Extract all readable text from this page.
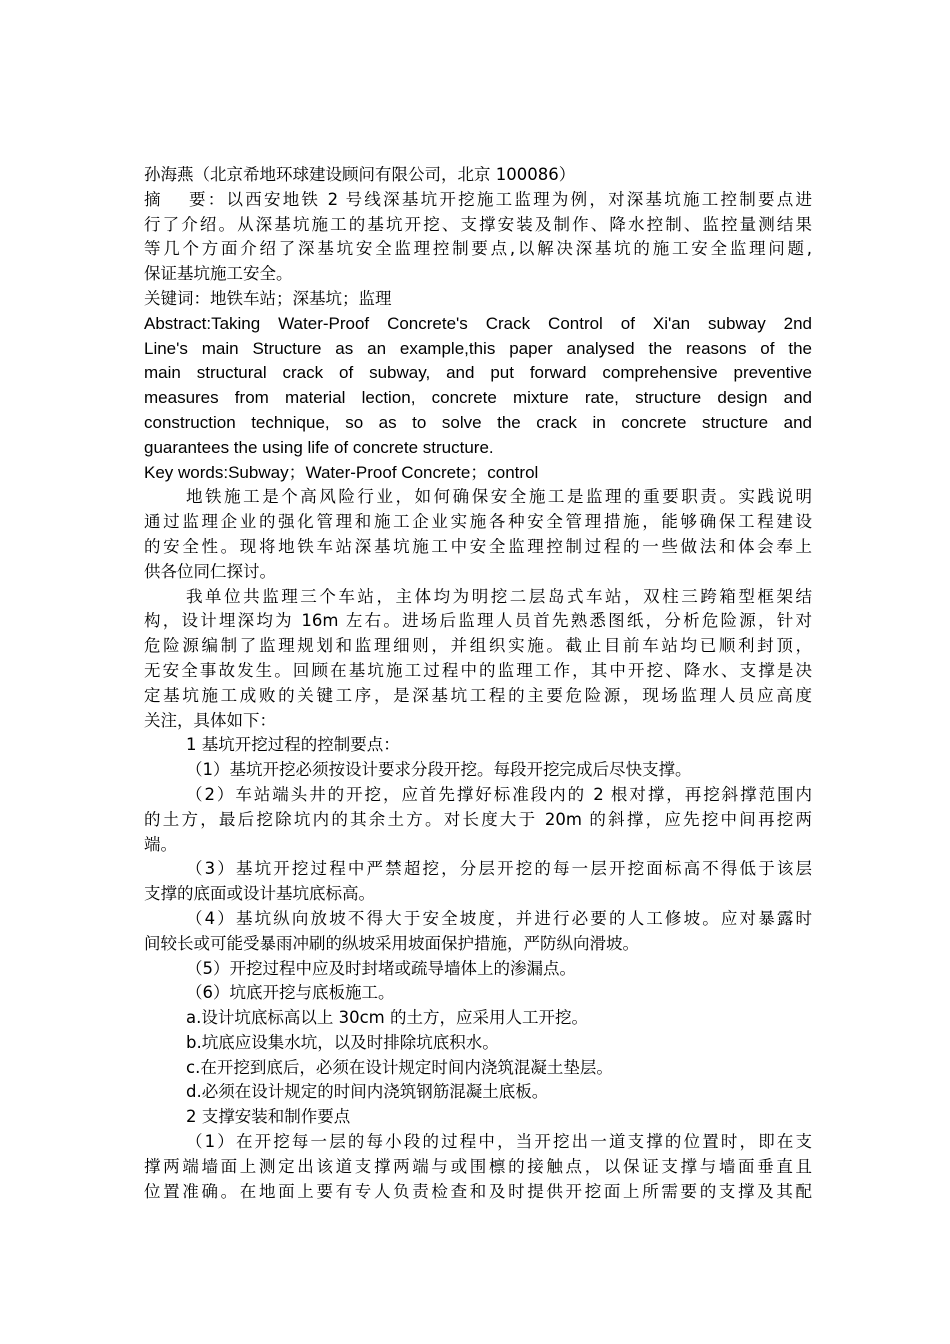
孙海燕（北京希地环球建设顾问有限公司，北京 100086）
摘　 要：以西安地铁 2 号线深基坑开挖施工监理为例，对深基坑施工控制要点进
行了介绍。从深基坑施工的基坑开挖、支撑安装及制作、降水控制、监控量测结果
等几个方面介绍了深基坑安全监理控制要点,以解决深基坑的施工安全监理问题,
保证基坑施工安全。
关键词：地铁车站；深基坑；监理
Abstract:Taking Water-Proof Concrete's Crack Control of Xi'an subway 2nd
Line's main Structure as an example,this paper analysed the reasons of the
main structural crack of subway, and put forward comprehensive preventive
measures from material lection, concrete mixture rate, structure design and
construction technique, so as to solve the crack in concrete structure and
guarantees the using life of concrete structure.
Key words:Subway；Water-Proof Concrete；control
地铁施工是个高风险行业，如何确保安全施工是监理的重要职责。实践说明
通过监理企业的强化管理和施工企业实施各种安全管理措施，能够确保工程建设
的安全性。现将地铁车站深基坑施工中安全监理控制过程的一些做法和体会奉上
供各位同仁探讨。
我单位共监理三个车站，主体均为明挖二层岛式车站，双柱三跨箱型框架结
构，设计埋深均为 16m 左右。进场后监理人员首先熟悉图纸，分析危险源，针对
危险源编制了监理规划和监理细则，并组织实施。截止目前车站均已顺利封顶，
无安全事故发生。回顾在基坑施工过程中的监理工作，其中开挖、降水、支撑是决
定基坑施工成败的关键工序，是深基坑工程的主要危险源，现场监理人员应高度
关注，具体如下：
1 基坑开挖过程的控制要点：
（1）基坑开挖必须按设计要求分段开挖。每段开挖完成后尽快支撑。
（2）车站端头井的开挖，应首先撑好标准段内的 2 根对撑，再挖斜撑范围内
的土方，最后挖除坑内的其余土方。对长度大于 20m 的斜撑，应先挖中间再挖两
端。
（3）基坑开挖过程中严禁超挖，分层开挖的每一层开挖面标高不得低于该层
支撑的底面或设计基坑底标高。
（4）基坑纵向放坡不得大于安全坡度，并进行必要的人工修坡。应对暴露时
间较长或可能受暴雨冲刷的纵坡采用坡面保护措施，严防纵向滑坡。
（5）开挖过程中应及时封堵或疏导墙体上的渗漏点。
（6）坑底开挖与底板施工。
a.设计坑底标高以上 30cm 的土方，应采用人工开挖。
b.坑底应设集水坑，以及时排除坑底积水。
c.在开挖到底后，必须在设计规定时间内浇筑混凝土垫层。
d.必须在设计规定的时间内浇筑钢筋混凝土底板。
2 支撑安装和制作要点
（1）在开挖每一层的每小段的过程中，当开挖出一道支撑的位置时，即在支
撑两端墙面上测定出该道支撑两端与或围檩的接触点，以保证支撑与墙面垂直且
位置准确。在地面上要有专人负责检查和及时提供开挖面上所需要的支撑及其配
